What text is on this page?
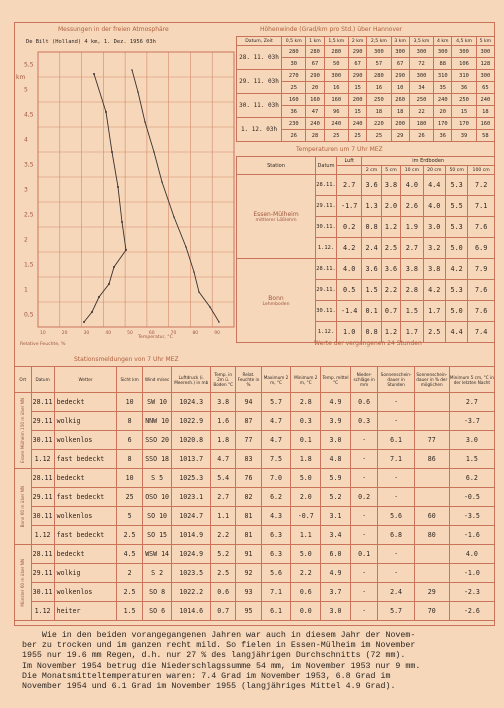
Messungen in der freien Atmosphäre
De Bilt (Holland) 4 km, 1. Dez. 1956 03h
5,5
5
4,5
4
3,5
3
2,5
2
1,5
1
0,5
km
10	20	30	40	50	60	70	80	90
Relative Feuchte, %
Temperatur, °C
Höhenwinde (Grad/km pro Std.) über Hannover
Datum, Zeit	0,5 km	1 km	1,5 km	2 km	2,5 km	3 km	3,5 km	4 km	4,5 km	5 km
28. 11. 03h	280	280	280	290	300	300	300	300	300	300
	30	67	50	67	57	67	72	88	106	128
29. 11. 03h	270	290	300	290	280	290	300	310	310	300
	25	20	16	15	16	10	34	35	36	65
30. 11. 03h	160	160	160	200	250	260	250	240	250	240
	36	47	96	15	18	18	22	20	15	18
1. 12. 03h	230	240	240	240	220	200	180	170	170	160
	26	28	25	25	25	29	26	36	39	58
Temperaturen um 7 Uhr MEZ
Station	Datum	Luft	im Erdboden					
			2 cm	5 cm	10 cm	20 cm	50 cm	100 cm

Essen-Mülheim
mittlerer Lößlehm	28.11.	2.7	3.6	3.8	4.0	4.4	5.3	7.2
	29.11.	-1.7	1.3	2.0	2.6	4.0	5.5	7.1
	30.11.	0.2	0.8	1.2	1.9	3.0	5.3	7.6
	1.12.	4.2	2.4	2.5	2.7	3.2	5.0	6.9

Bonn
Lehmboden	28.11.	4.0	3.6	3.6	3.8	3.8	4.2	7.9
	29.11.	0.5	1.5	2.2	2.8	4.2	5.3	7.6
	30.11.	-1.4	0.1	0.7	1.5	1.7	5.0	7.6
	1.12.	1.0	0.8	1.2	1.7	2.5	4.4	7.4
Stationsmeldungen von 7 Uhr MEZ
Werte der vergangenen 24 Stunden
Ort	Datum	Wetter	Sicht km	Wind m/sec	Luftdruck (i. Meeresh.) in mb	Temp. in 2m ü. Boden °C	Relat. Feuchte in %	Maximum 2 m, °C	Minimum 2 m, °C	Temp. mittel °C	Nieder-schläge in mm	Sonnenschein-dauer in Stunden	Sonnenschein-dauer in % der möglichen	Minimum 5 cm, °C in der letzten Nacht

Essen-Mülheim 150 m über NN	28.11	bedeckt	10	SW 10	1024.3	3.8	94	5.7	2.8	4.9	0.6	·		2.7
	29.11	wolkig	8	NNW 10	1022.9	1.6	87	4.7	0.3	3.9	0.3	·		-3.7
	30.11	wolkenlos	6	SSO 20	1020.8	1.8	77	4.7	0.1	3.0	·	6.1	77	3.0
	1.12	fast bedeckt	8	SSO 18	1013.7	4.7	83	7.5	1.8	4.8	·	7.1	86	1.5

Bonn 60 m über NN	28.11	bedeckt	10	S 5	1025.3	5.4	76	7.0	5.0	5.9	·	·		6.2
	29.11	fast bedeckt	25	OSO 10	1023.1	2.7	82	6.2	2.0	5.2	0.2	·		-0.5
	30.11	wolkenlos	5	SO 10	1024.7	1.1	81	4.3	-0.7	3.1	·	5.6	60	-3.5
	1.12	fast bedeckt	2.5	SO 15	1014.9	2.2	81	6.3	1.1	3.4	·	6.8	80	-1.6

Münster 60 m über NN	28.11	bedeckt	4.5	WSW 14	1024.9	5.2	91	6.3	5.0	6.0	0.1	·		4.0
	29.11	wolkig	2	S 2	1023.5	2.5	92	5.6	2.2	4.9	·	·		-1.0
	30.11	wolkenlos	2.5	SO 8	1022.2	0.6	93	7.1	0.6	3.7	·	2.4	29	-2.3
	1.12	heiter	1.5	SO 6	1014.6	0.7	95	6.1	0.0	3.0	·	5.7	70	-2.6
Wie in den beiden vorangegangenen Jahren war auch in diesem Jahr der Novem-
ber zu trocken und im ganzen recht mild. So fielen in Essen-Mülheim im November
1955 nur 19.6 mm Regen, d.h. nur 27 % des langjährigen Durchschnitts (72 mm).
Im November 1954 betrug die Niederschlagssumme 54 mm, im November 1953 nur 9 mm.
Die Monatsmitteltemperaturen waren: 7.4 Grad im November 1953, 6.8 Grad im
November 1954 und 6.1 Grad im November 1955 (langjähriges Mittel 4.9 Grad).
